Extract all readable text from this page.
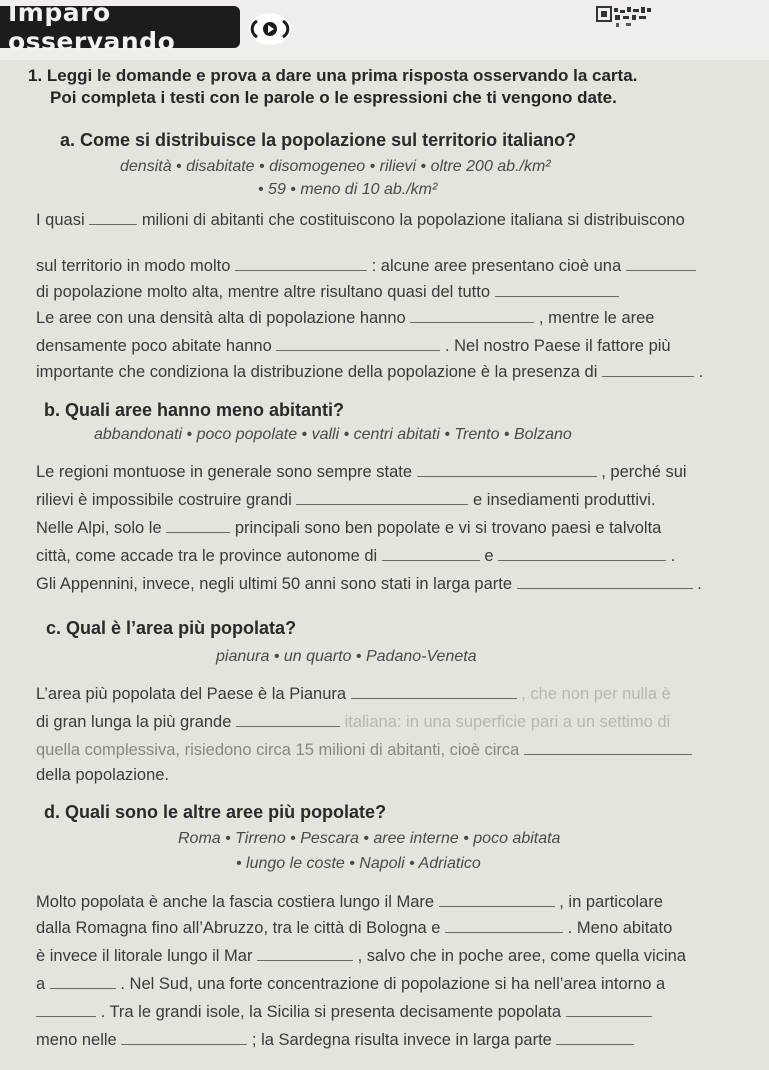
Imparo osservando
1. Leggi le domande e prova a dare una prima risposta osservando la carta.
Poi completa i testi con le parole o le espressioni che ti vengono date.
a. Come si distribuisce la popolazione sul territorio italiano?
densità • disabitate • disomogeneo • rilievi • oltre 200 ab./km²
• 59 • meno di 10 ab./km²
I quasi	milioni di abitanti che costituiscono la popolazione italiana si distribuiscono
sul territorio in modo molto	: alcune aree presentano cioè una
di popolazione molto alta, mentre altre risultano quasi del tutto
Le aree con una densità alta di popolazione hanno	, mentre le aree
densamente poco abitate hanno	. Nel nostro Paese il fattore più
importante che condiziona la distribuzione della popolazione è la presenza di	.
b. Quali aree hanno meno abitanti?
abbandonati • poco popolate • valli • centri abitati • Trento • Bolzano
Le regioni montuose in generale sono sempre state	, perché sui
rilievi è impossibile costruire grandi	e insediamenti produttivi.
Nelle Alpi, solo le	principali sono ben popolate e vi si trovano paesi e talvolta
città, come accade tra le province autonome di	e	.
Gli Appennini, invece, negli ultimi 50 anni sono stati in larga parte	.
c. Qual è l’area più popolata?
pianura • un quarto • Padano-Veneta
L’area più popolata del Paese è la Pianura	, che non per nulla è
di gran lunga la più grande	italiana: in una superficie pari a un settimo di
quella complessiva, risiedono circa 15 milioni di abitanti, cioè circa
della popolazione.
d. Quali sono le altre aree più popolate?
Roma • Tirreno • Pescara • aree interne • poco abitata
• lungo le coste • Napoli • Adriatico
Molto popolata è anche la fascia costiera lungo il Mare	, in particolare
dalla Romagna fino all’Abruzzo, tra le città di Bologna e	. Meno abitato
è invece il litorale lungo il Mar	, salvo che in poche aree, come quella vicina
a	. Nel Sud, una forte concentrazione di popolazione si ha nell’area intorno a
. Tra le grandi isole, la Sicilia si presenta decisamente popolata
meno nelle	; la Sardegna risulta invece in larga parte
